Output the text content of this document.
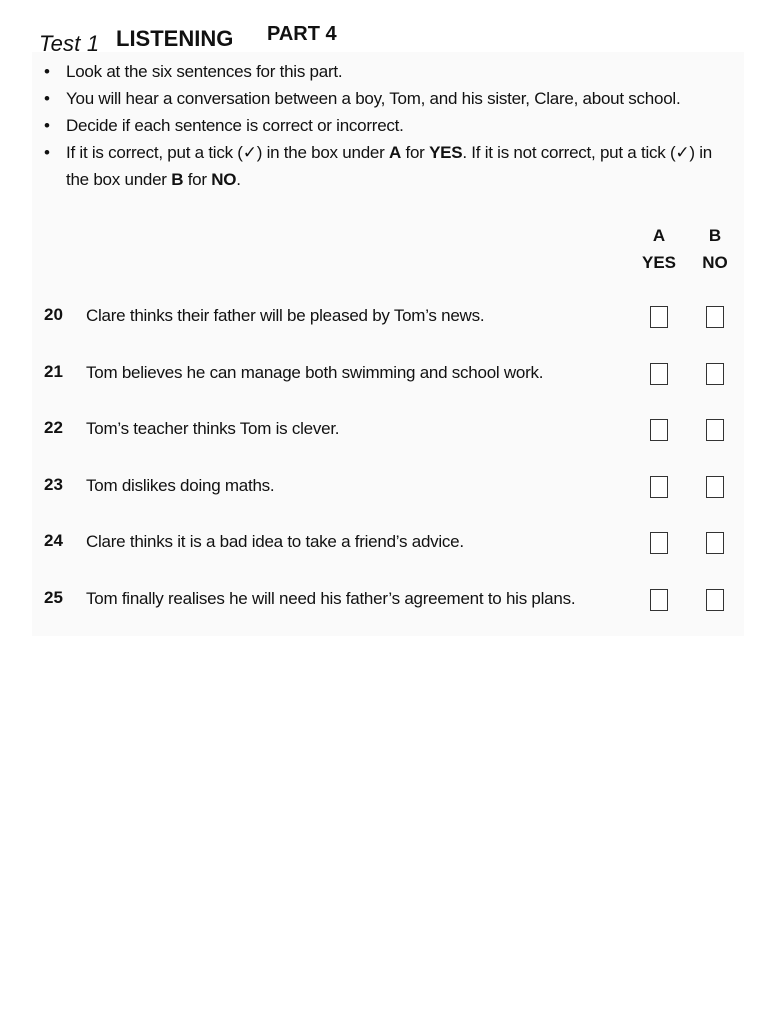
Test 1 LISTENING PART 4
• Look at the six sentences for this part.
• You will hear a conversation between a boy, Tom, and his sister, Clare, about school.
• Decide if each sentence is correct or incorrect.
• If it is correct, put a tick (✓) in the box under A for YES. If it is not correct, put a tick (✓) in the box under B for NO.
A
YES
B
NO
20 Clare thinks their father will be pleased by Tom’s news.
21 Tom believes he can manage both swimming and school work.
22 Tom’s teacher thinks Tom is clever.
23 Tom dislikes doing maths.
24 Clare thinks it is a bad idea to take a friend’s advice.
25 Tom finally realises he will need his father’s agreement to his plans.
